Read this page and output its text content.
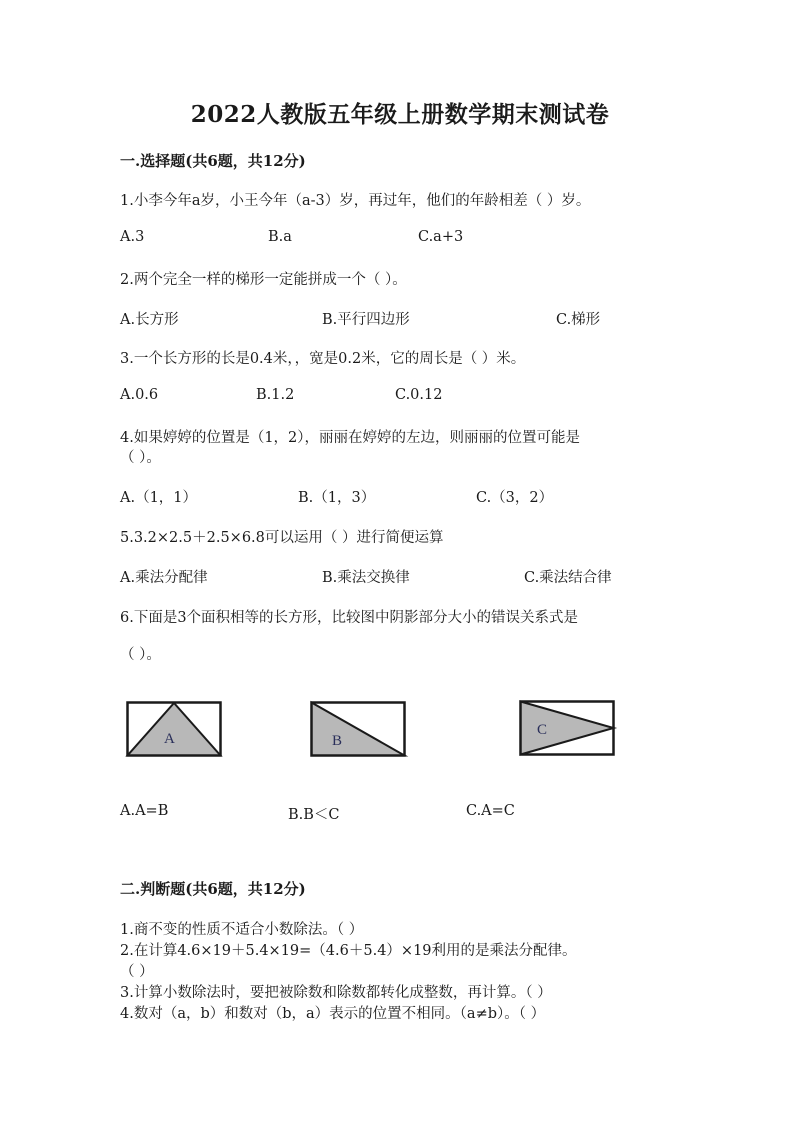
2022人教版五年级上册数学期末测试卷
一.选择题(共6题，共12分)
1.小李今年a岁，小王今年（a-3）岁，再过年，他们的年龄相差（ ）岁。
A.3	B.a	C.a+3
2.两个完全一样的梯形一定能拼成一个（ ）。
A.长方形	B.平行四边形	C.梯形
3.一个长方形的长是0.4米，，宽是0.2米，它的周长是（ ）米。
A.0.6	B.1.2	C.0.12
4.如果婷婷的位置是（1，2），丽丽在婷婷的左边，则丽丽的位置可能是
（ ）。
A.（1，1）	B.（1，3）	C.（3，2）
5.3.2×2.5＋2.5×6.8可以运用（ ）进行简便运算
A.乘法分配律	B.乘法交换律	C.乘法结合律
6.下面是3个面积相等的长方形，比较图中阴影部分大小的错误关系式是
（ ）。
A	B
C
A.A=B	B.B＜C	C.A=C
二.判断题(共6题，共12分)
1.商不变的性质不适合小数除法。（ ）
2.在计算4.6×19＋5.4×19=（4.6＋5.4）×19利用的是乘法分配律。
（ ）
3.计算小数除法时，要把被除数和除数都转化成整数，再计算。（ ）
4.数对（a，b）和数对（b，a）表示的位置不相同。（a≠b）。（ ）
